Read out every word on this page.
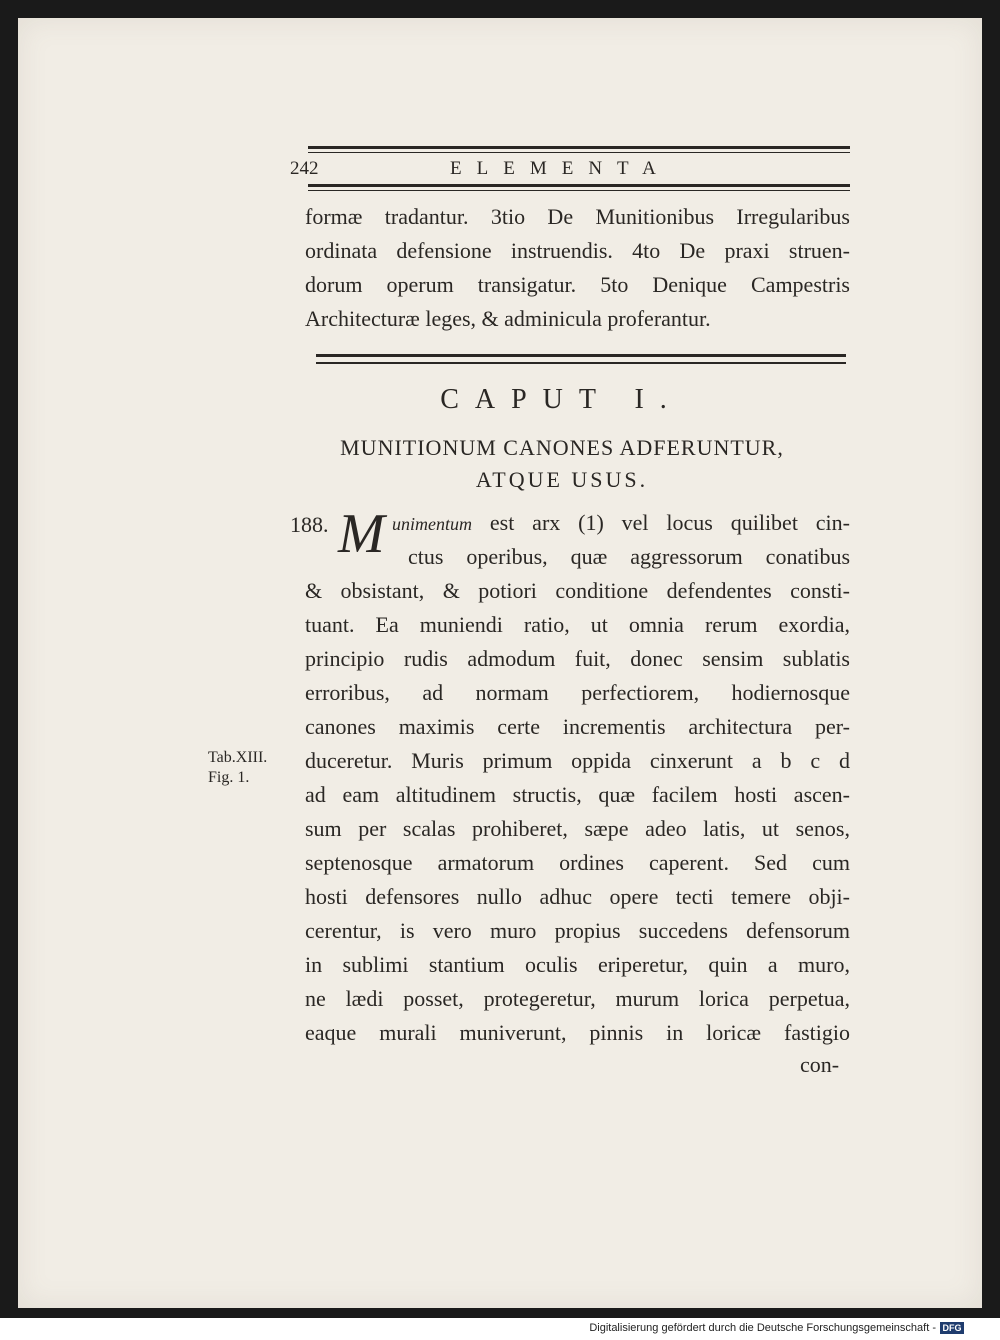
242	ELEMENTA
formæ tradantur. 3tio De Munitionibus Irregularibus
ordinata defensione instruendis. 4to De praxi struen-
dorum operum transigatur. 5to Denique Campestris
Architecturæ leges, & adminicula proferantur.
CAPUT I.
MUNITIONUM CANONES ADFERUNTUR,
ATQUE USUS.
188. M unimentum est arx (1) vel locus quilibet cin-
ctus operibus, quæ aggressorum conatibus
& obsistant, & potiori conditione defendentes consti-
tuant. Ea muniendi ratio, ut omnia rerum exordia,
principio rudis admodum fuit, donec sensim sublatis
erroribus, ad normam perfectiorem, hodiernosque
canones maximis certe incrementis architectura per-
duceretur. Muris primum oppida cinxerunt a b c d
ad eam altitudinem structis, quæ facilem hosti ascen-
sum per scalas prohiberet, sæpe adeo latis, ut senos,
septenosque armatorum ordines caperent. Sed cum
hosti defensores nullo adhuc opere tecti temere obji-
cerentur, is vero muro propius succedens defensorum
in sublimi stantium oculis eriperetur, quin a muro,
ne lædi posset, protegeretur, murum lorica perpetua,
eaque murali muniverunt, pinnis in loricæ fastigio
Tab.XIII.
Fig. 1.
con-
Digitalisierung gefördert durch die Deutsche Forschungsgemeinschaft - DFG
